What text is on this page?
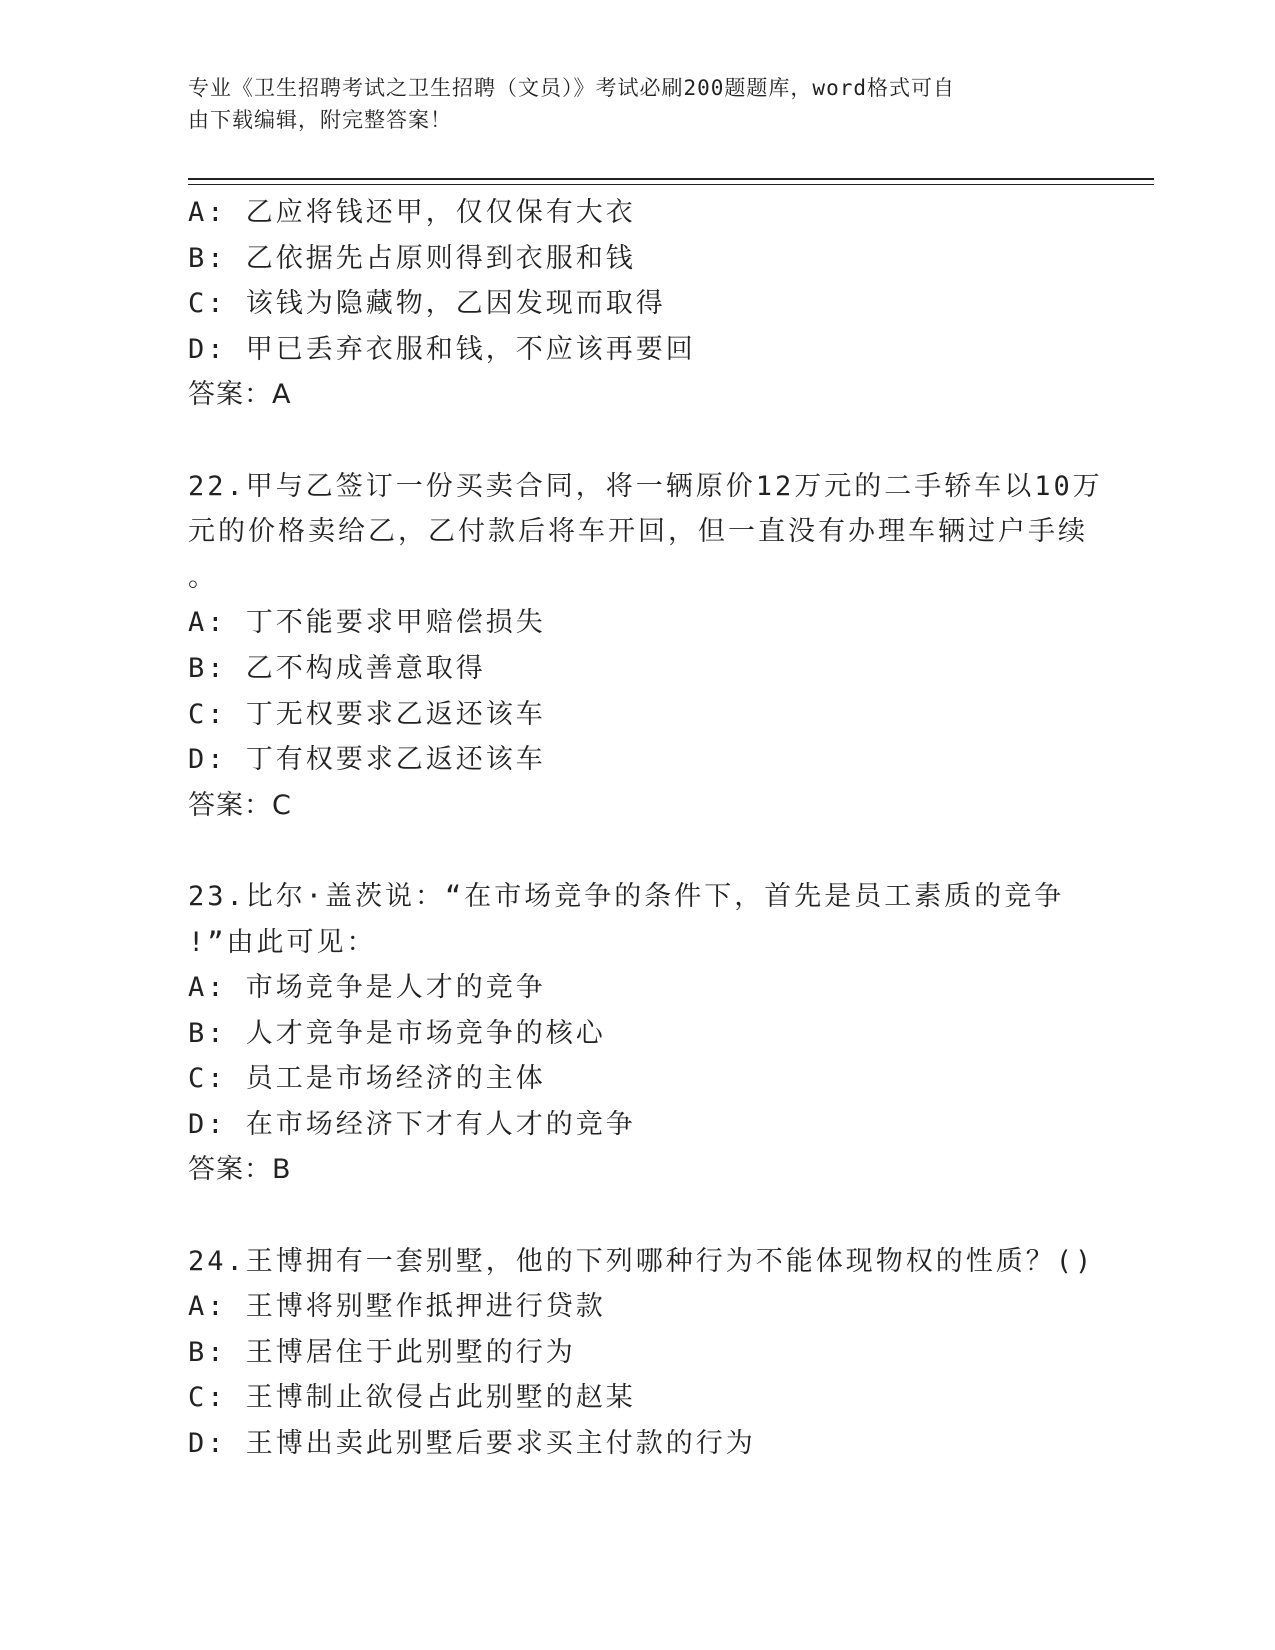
专业《卫生招聘考试之卫生招聘（文员）》考试必刷200题题库，word格式可自
由下载编辑，附完整答案！
A: 乙应将钱还甲，仅仅保有大衣
B: 乙依据先占原则得到衣服和钱
C: 该钱为隐藏物，乙因发现而取得
D: 甲已丢弃衣服和钱，不应该再要回
答案：A
22.甲与乙签订一份买卖合同，将一辆原价12万元的二手轿车以10万
元的价格卖给乙，乙付款后将车开回，但一直没有办理车辆过户手续
。
A: 丁不能要求甲赔偿损失
B: 乙不构成善意取得
C: 丁无权要求乙返还该车
D: 丁有权要求乙返还该车
答案：C
23.比尔·盖茨说：“在市场竞争的条件下，首先是员工素质的竞争
!”由此可见：
A: 市场竞争是人才的竞争
B: 人才竞争是市场竞争的核心
C: 员工是市场经济的主体
D: 在市场经济下才有人才的竞争
答案：B
24.王博拥有一套别墅，他的下列哪种行为不能体现物权的性质？()
A: 王博将别墅作抵押进行贷款
B: 王博居住于此别墅的行为
C: 王博制止欲侵占此别墅的赵某
D: 王博出卖此别墅后要求买主付款的行为
